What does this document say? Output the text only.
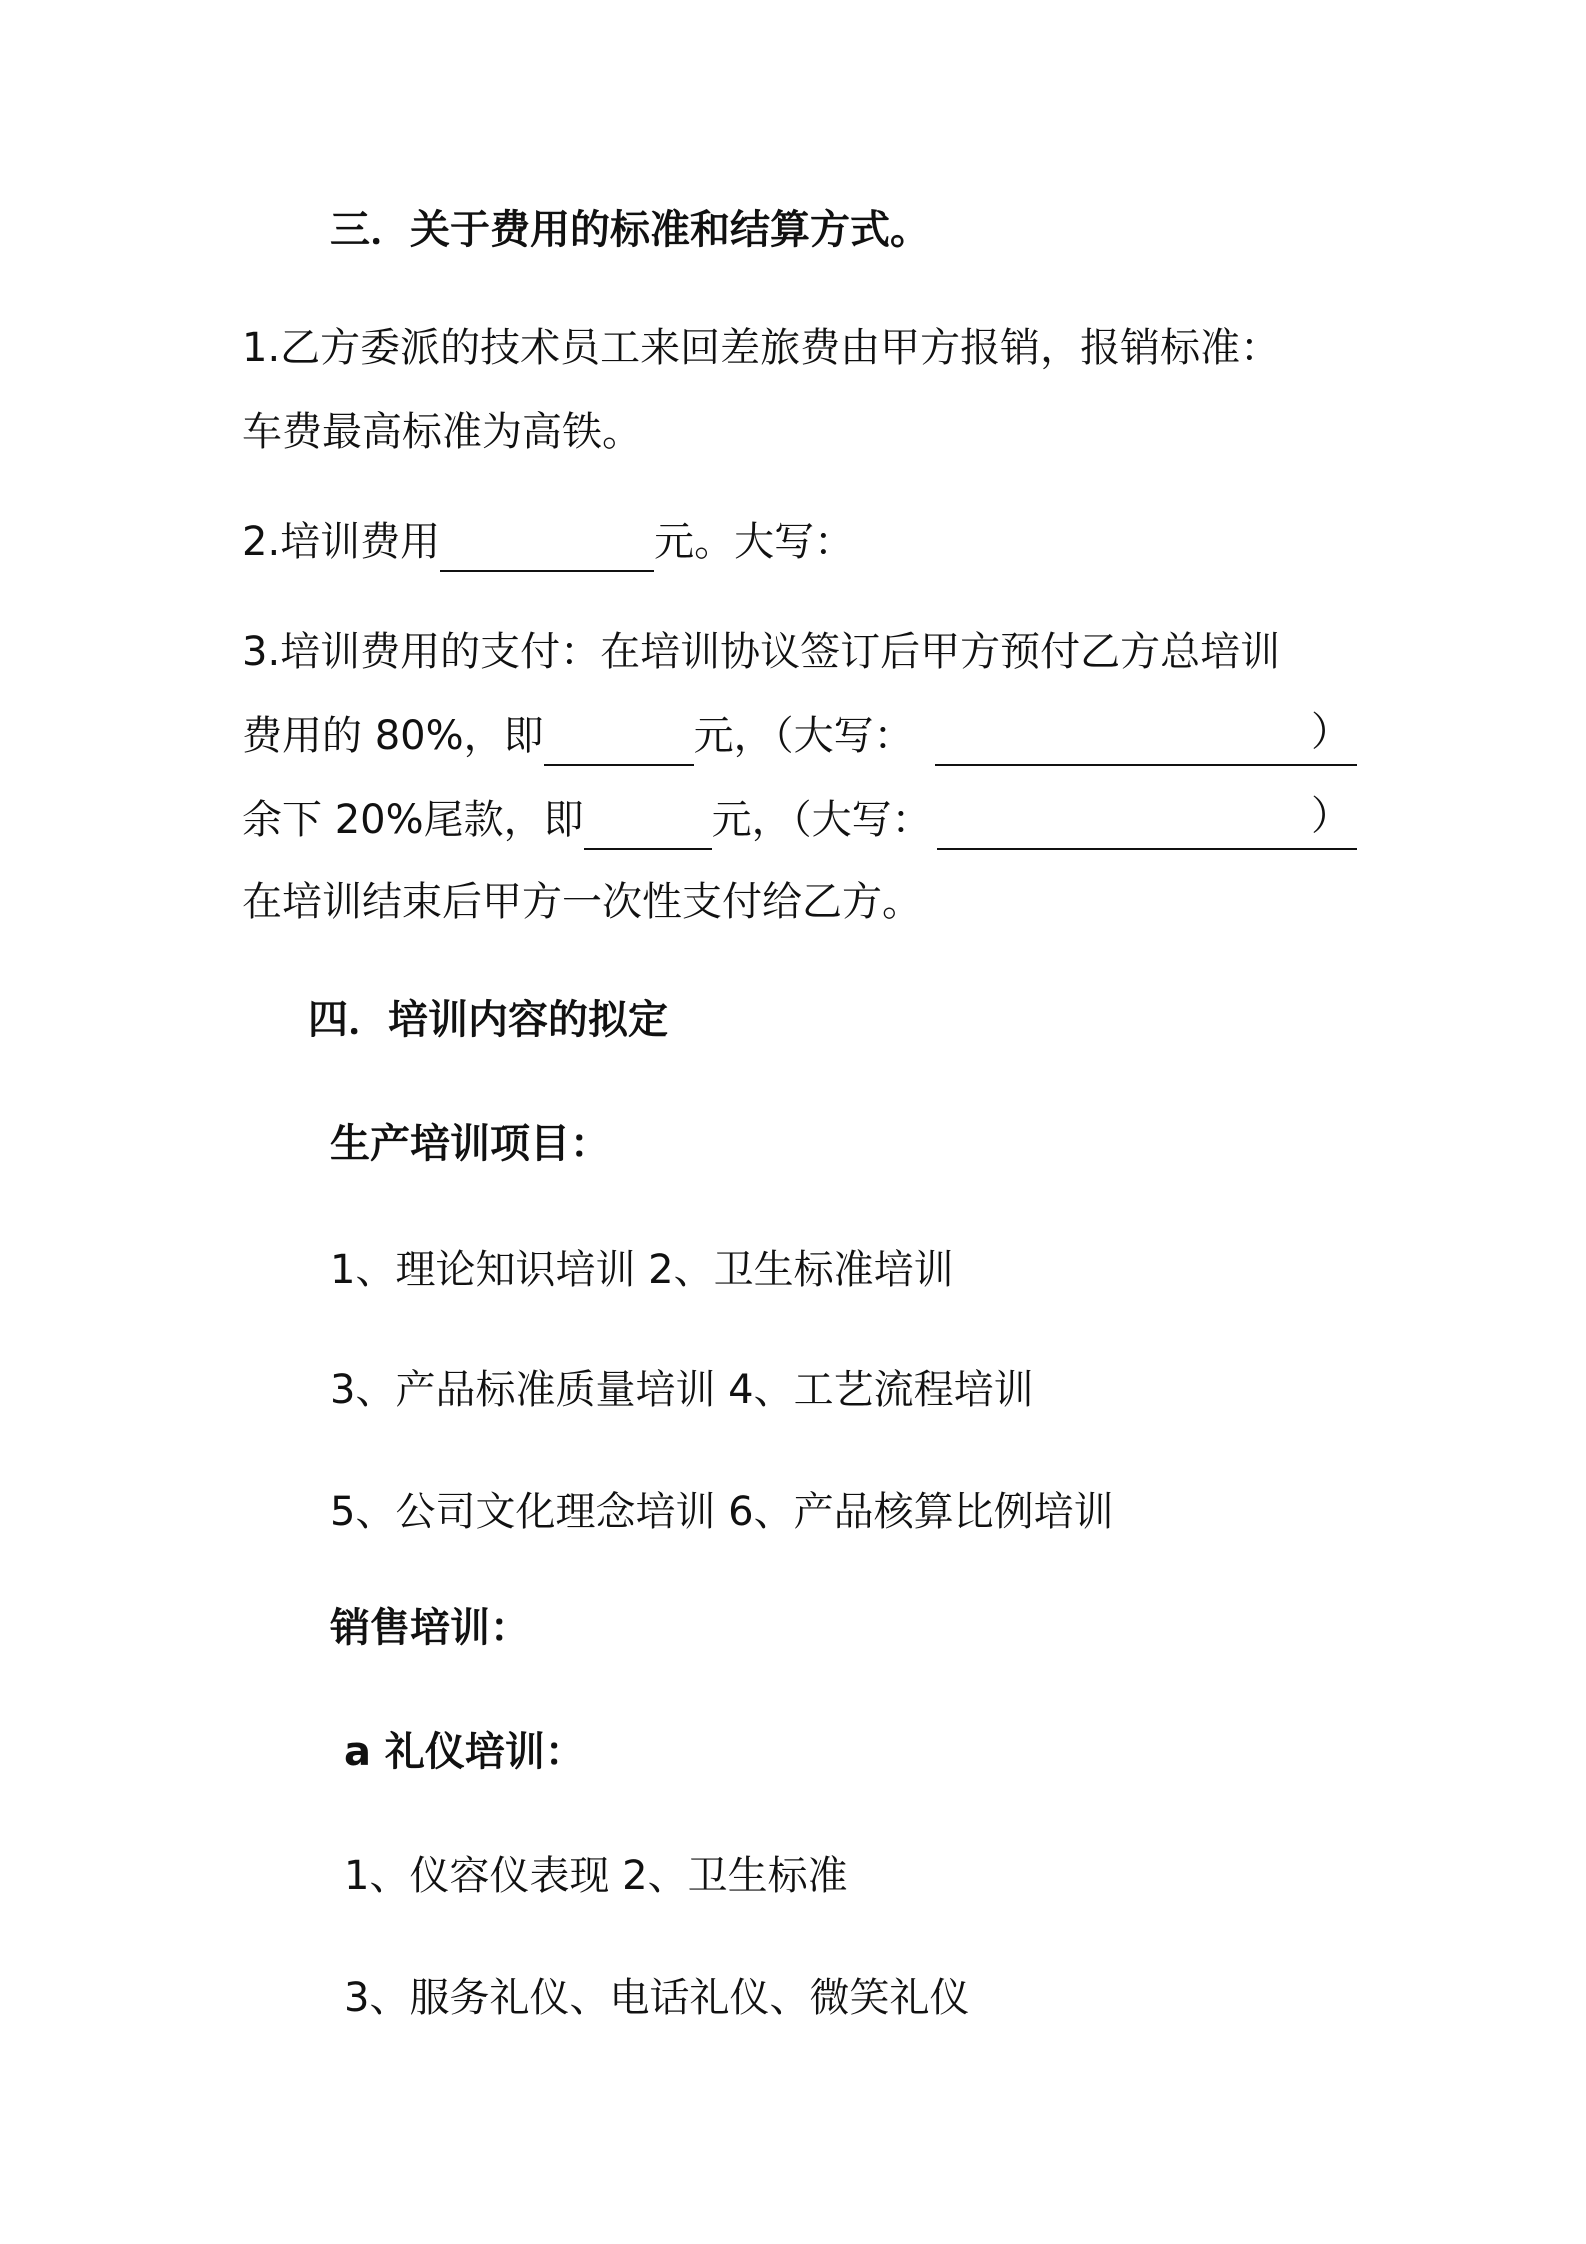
三．关于费用的标准和结算方式。
1.乙方委派的技术员工来回差旅费由甲方报销，报销标准：
车费最高标准为高铁。
2.培训费用	元。大写：
3.培训费用的支付：在培训协议签订后甲方预付乙方总培训
费用的 80%，即	元，（大写：	）
余下 20%尾款，即	元，（大写：	）
在培训结束后甲方一次性支付给乙方。
四．培训内容的拟定
生产培训项目：
1、理论知识培训 2、卫生标准培训
3、产品标准质量培训 4、工艺流程培训
5、公司文化理念培训 6、产品核算比例培训
销售培训：
a 礼仪培训：
1、仪容仪表现 2、卫生标准
3、服务礼仪、电话礼仪、微笑礼仪
